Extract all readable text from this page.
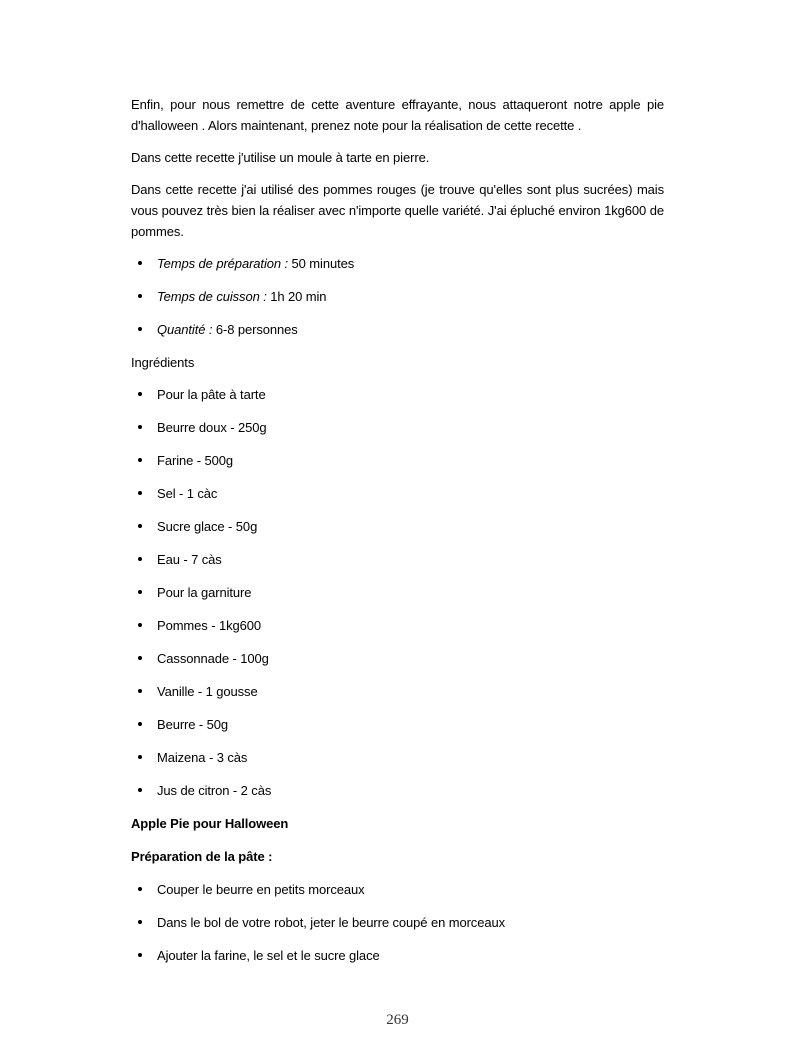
Enfin, pour nous remettre de cette aventure effrayante, nous attaqueront notre apple pie d'halloween . Alors maintenant, prenez note pour la réalisation de cette recette .

Dans cette recette j'utilise un moule à tarte en pierre.

Dans cette recette j'ai utilisé des pommes rouges (je trouve qu'elles sont plus sucrées) mais vous pouvez très bien la réaliser avec n'importe quelle variété. J'ai épluché environ 1kg600 de pommes.

Temps de préparation : 50 minutes
Temps de cuisson : 1h 20 min
Quantité : 6-8 personnes

Ingrédients

Pour la pâte à tarte
Beurre doux - 250g
Farine - 500g
Sel - 1 càc
Sucre glace - 50g
Eau - 7 càs
Pour la garniture
Pommes - 1kg600
Cassonnade - 100g
Vanille - 1 gousse
Beurre - 50g
Maizena - 3 càs
Jus de citron - 2 càs

Apple Pie pour Halloween

Préparation de la pâte :

Couper le beurre en petits morceaux
Dans le bol de votre robot, jeter le beurre coupé en morceaux
Ajouter la farine, le sel et le sucre glace
269
